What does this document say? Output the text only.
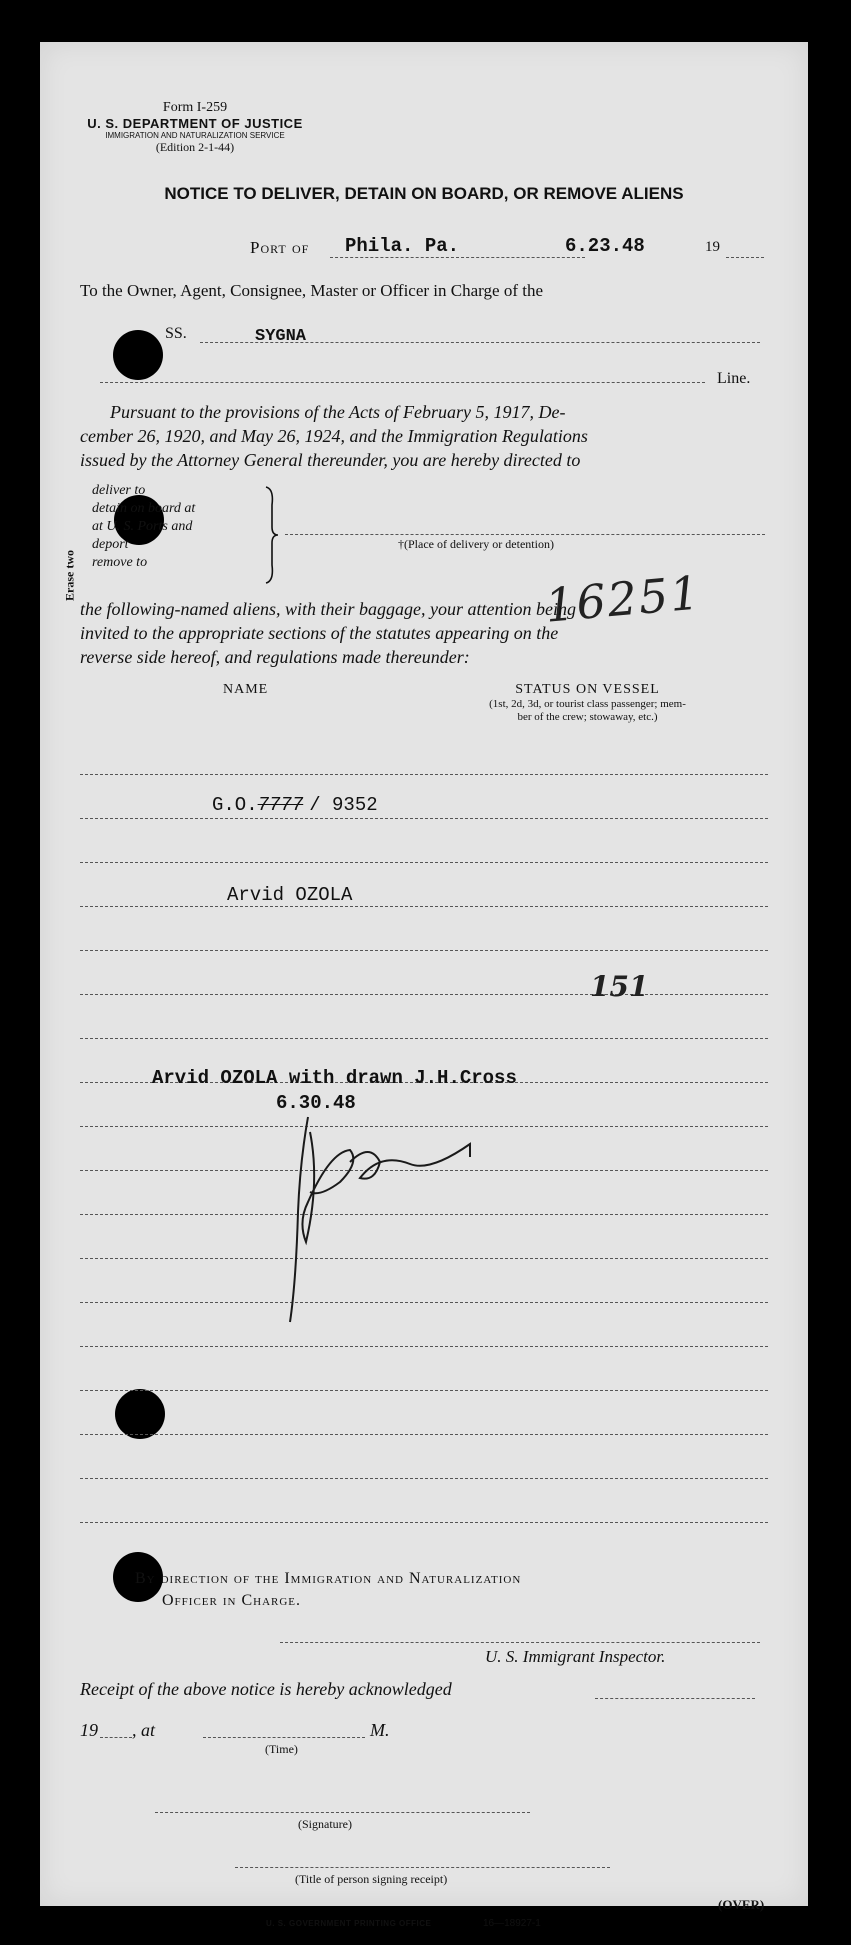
Form I-259
U. S. DEPARTMENT OF JUSTICE
IMMIGRATION AND NATURALIZATION SERVICE
(Edition 2-1-44)
NOTICE TO DELIVER, DETAIN ON BOARD, OR REMOVE ALIENS
Port of Phila. Pa.	6.23.48	19
To the Owner, Agent, Consignee, Master or Officer in Charge of the
SS.	SYGNA
Line.
Pursuant to the provisions of the Acts of February 5, 1917, De-
cember 26, 1920, and May 26, 1924, and the Immigration Regulations
issued by the Attorney General thereunder, you are hereby directed to
Erase two
deliver to
detain on board at
at U. S. Ports and
deport
remove to
†(Place of delivery or detention)
16251
the following-named aliens, with their baggage, your attention being
invited to the appropriate sections of the statutes appearing on the
reverse side hereof, and regulations made thereunder:
NAME	STATUS ON VESSEL
(1st, 2d, 3d, or tourist class passenger; mem-
ber of the crew; stowaway, etc.)
G.O.7777 / 9352
Arvid OZOLA
151
Arvid OZOLA with drawn J.H.Cross
6.30.48
By direction of the Immigration and Naturalization
Officer in Charge.
U. S. Immigrant Inspector.
Receipt of the above notice is hereby acknowledged
19 , at	M.
(Time)
(Signature)
(Title of person signing receipt)
U. S. GOVERNMENT PRINTING OFFICE	16—18927-1
(OVER)
